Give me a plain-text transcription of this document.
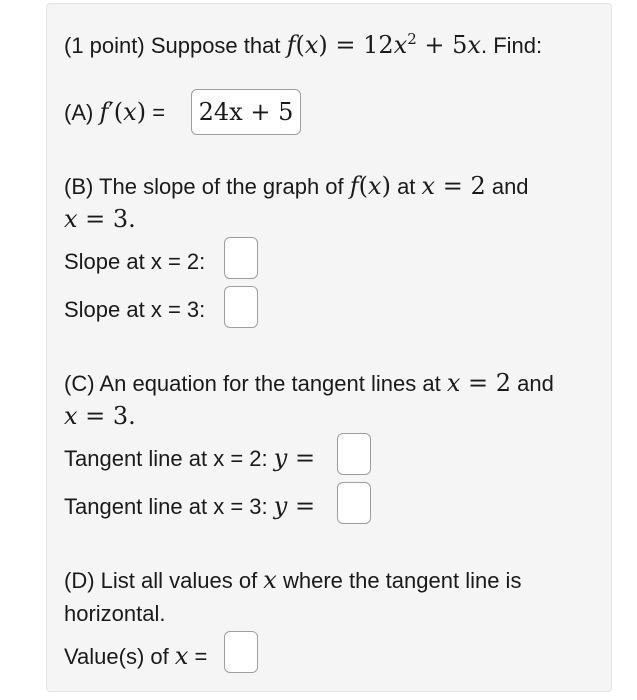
(1 point) Suppose that $f(x) = 12x^2 + 5x$. Find:
(A) f′(x) = 24x + 5
(B) The slope of the graph of f(x) at x = 2 and
x = 3.
Slope at x = 2:
Slope at x = 3:
(C) An equation for the tangent lines at x = 2 and
x = 3.
Tangent line at x = 2: y =
Tangent line at x = 3: y =
(D) List all values of x where the tangent line is
horizontal.
Value(s) of x =
